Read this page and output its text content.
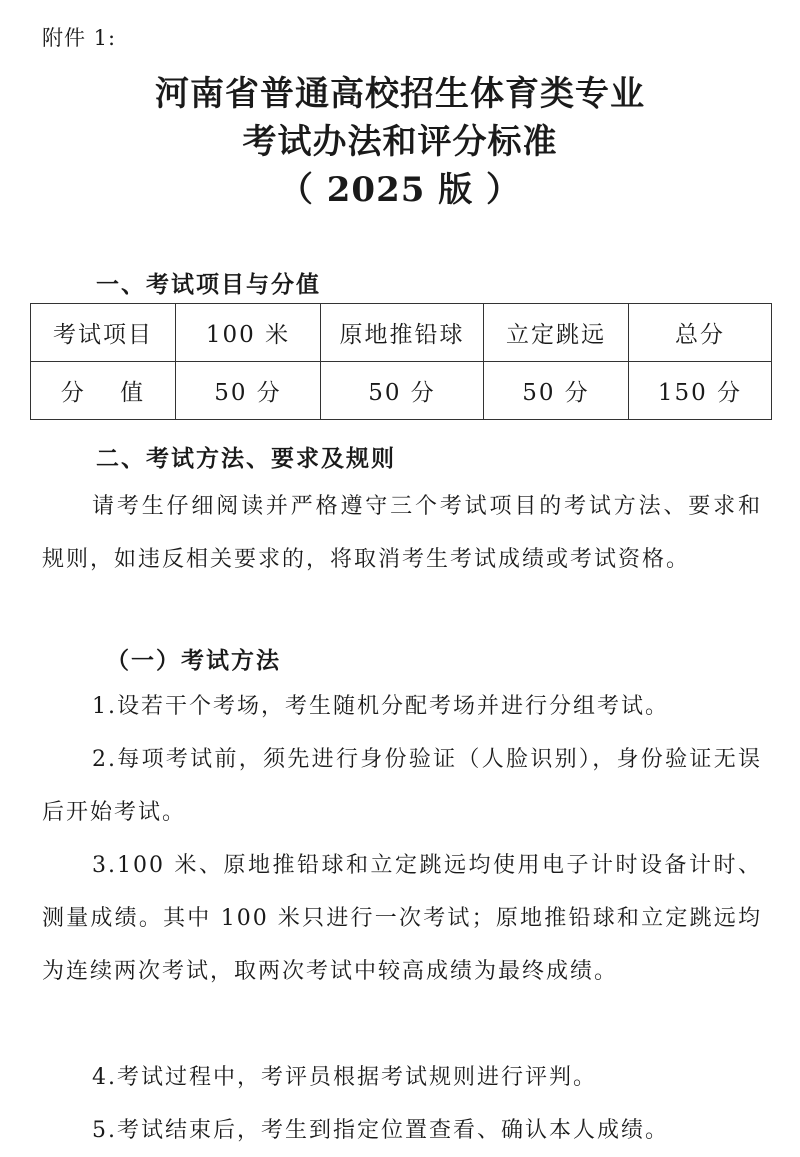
附件 1:
河南省普通高校招生体育类专业
考试办法和评分标准
（ 2025 版 ）
一、考试项目与分值
考试项目	100 米	原地推铅球	立定跳远	总分
分　 值	50 分	50 分	50 分	150 分
二、考试方法、要求及规则

请考生仔细阅读并严格遵守三个考试项目的考试方法、要求和规则，如违反相关要求的，将取消考生考试成绩或考试资格。

（一）考试方法

1.设若干个考场，考生随机分配考场并进行分组考试。

2.每项考试前，须先进行身份验证（人脸识别），身份验证无误后开始考试。

3.100 米、原地推铅球和立定跳远均使用电子计时设备计时、测量成绩。其中 100 米只进行一次考试；原地推铅球和立定跳远均为连续两次考试，取两次考试中较高成绩为最终成绩。

4.考试过程中，考评员根据考试规则进行评判。

5.考试结束后，考生到指定位置查看、确认本人成绩。
